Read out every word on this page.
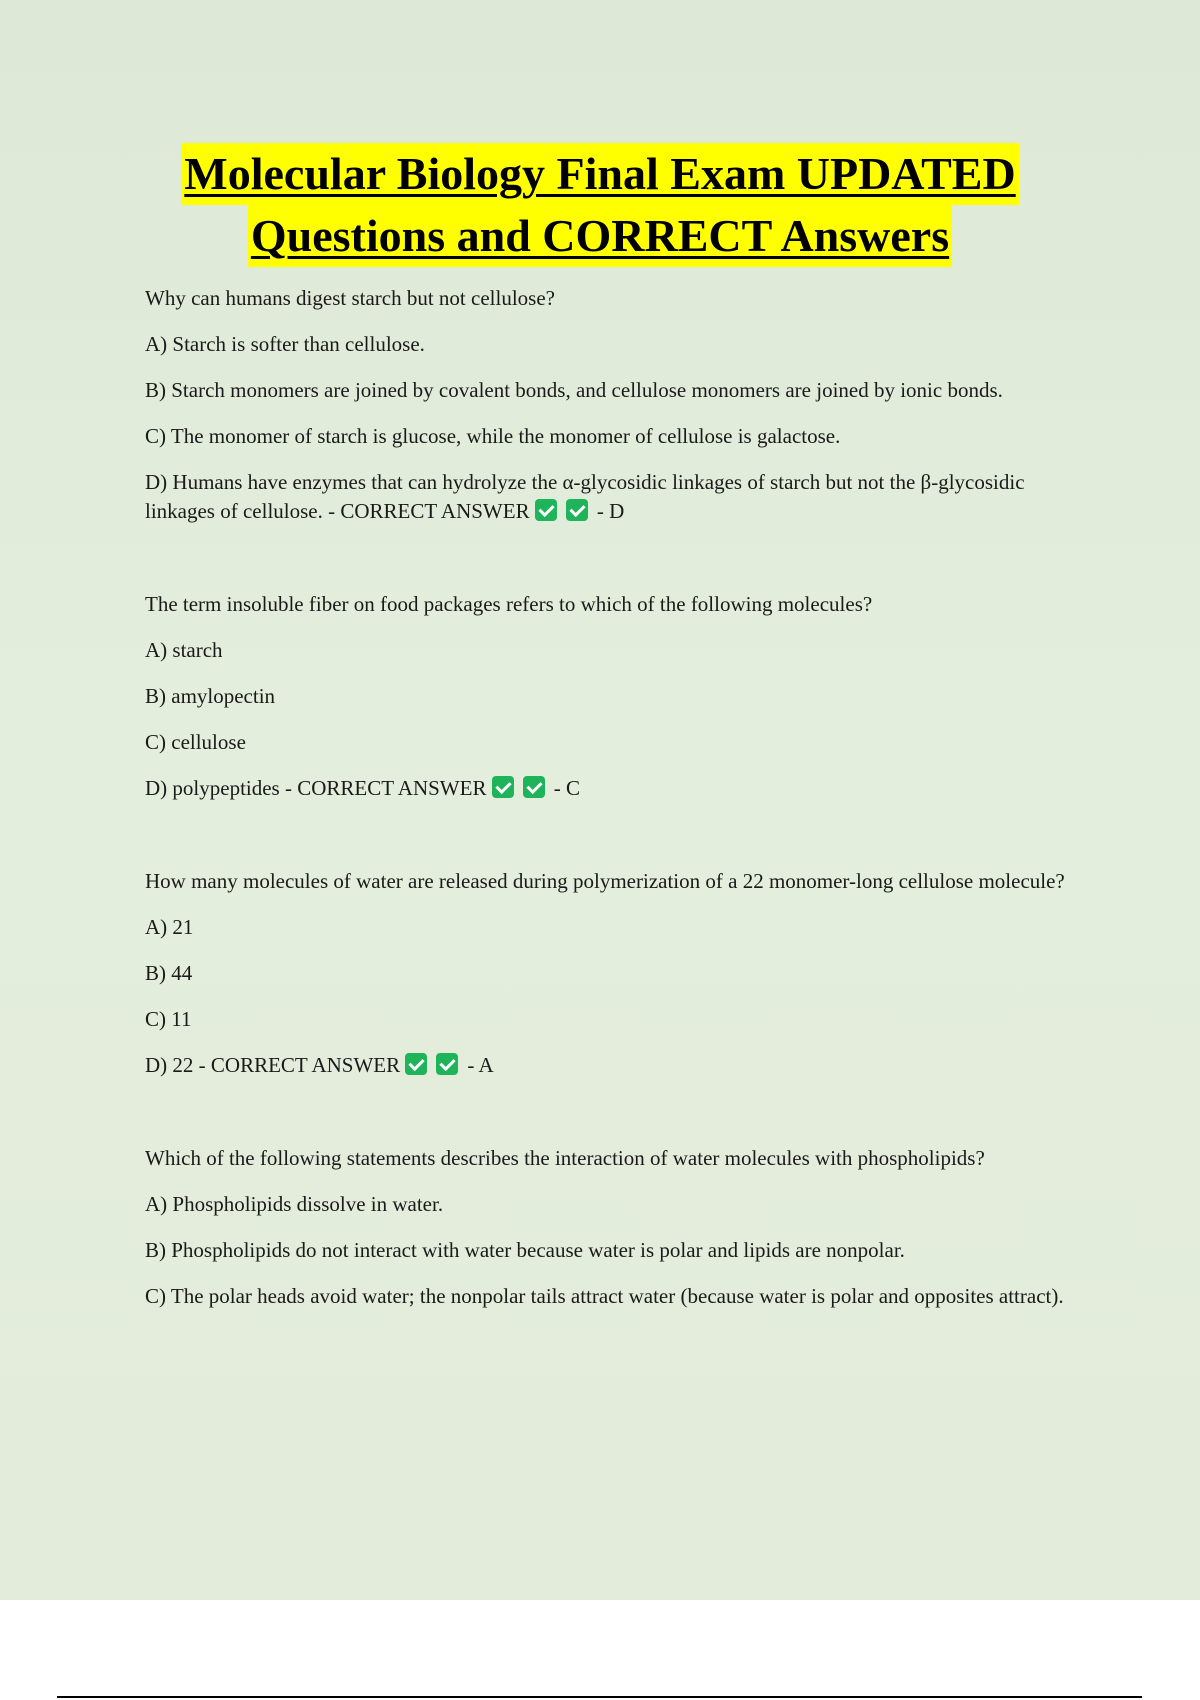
Molecular Biology Final Exam UPDATED
Questions and CORRECT Answers

Why can humans digest starch but not cellulose?

A) Starch is softer than cellulose.

B) Starch monomers are joined by covalent bonds, and cellulose monomers are joined by ionic bonds.

C) The monomer of starch is glucose, while the monomer of cellulose is galactose.

D) Humans have enzymes that can hydrolyze the α-glycosidic linkages of starch but not the β-glycosidic linkages of cellulose. - CORRECT ANSWER	- D

The term insoluble fiber on food packages refers to which of the following molecules?

A) starch

B) amylopectin

C) cellulose

D) polypeptides - CORRECT ANSWER	- C

How many molecules of water are released during polymerization of a 22 monomer-long cellulose molecule?

A) 21

B) 44

C) 11

D) 22 - CORRECT ANSWER	- A

Which of the following statements describes the interaction of water molecules with phospholipids?

A) Phospholipids dissolve in water.

B) Phospholipids do not interact with water because water is polar and lipids are nonpolar.

C) The polar heads avoid water; the nonpolar tails attract water (because water is polar and opposites attract).
